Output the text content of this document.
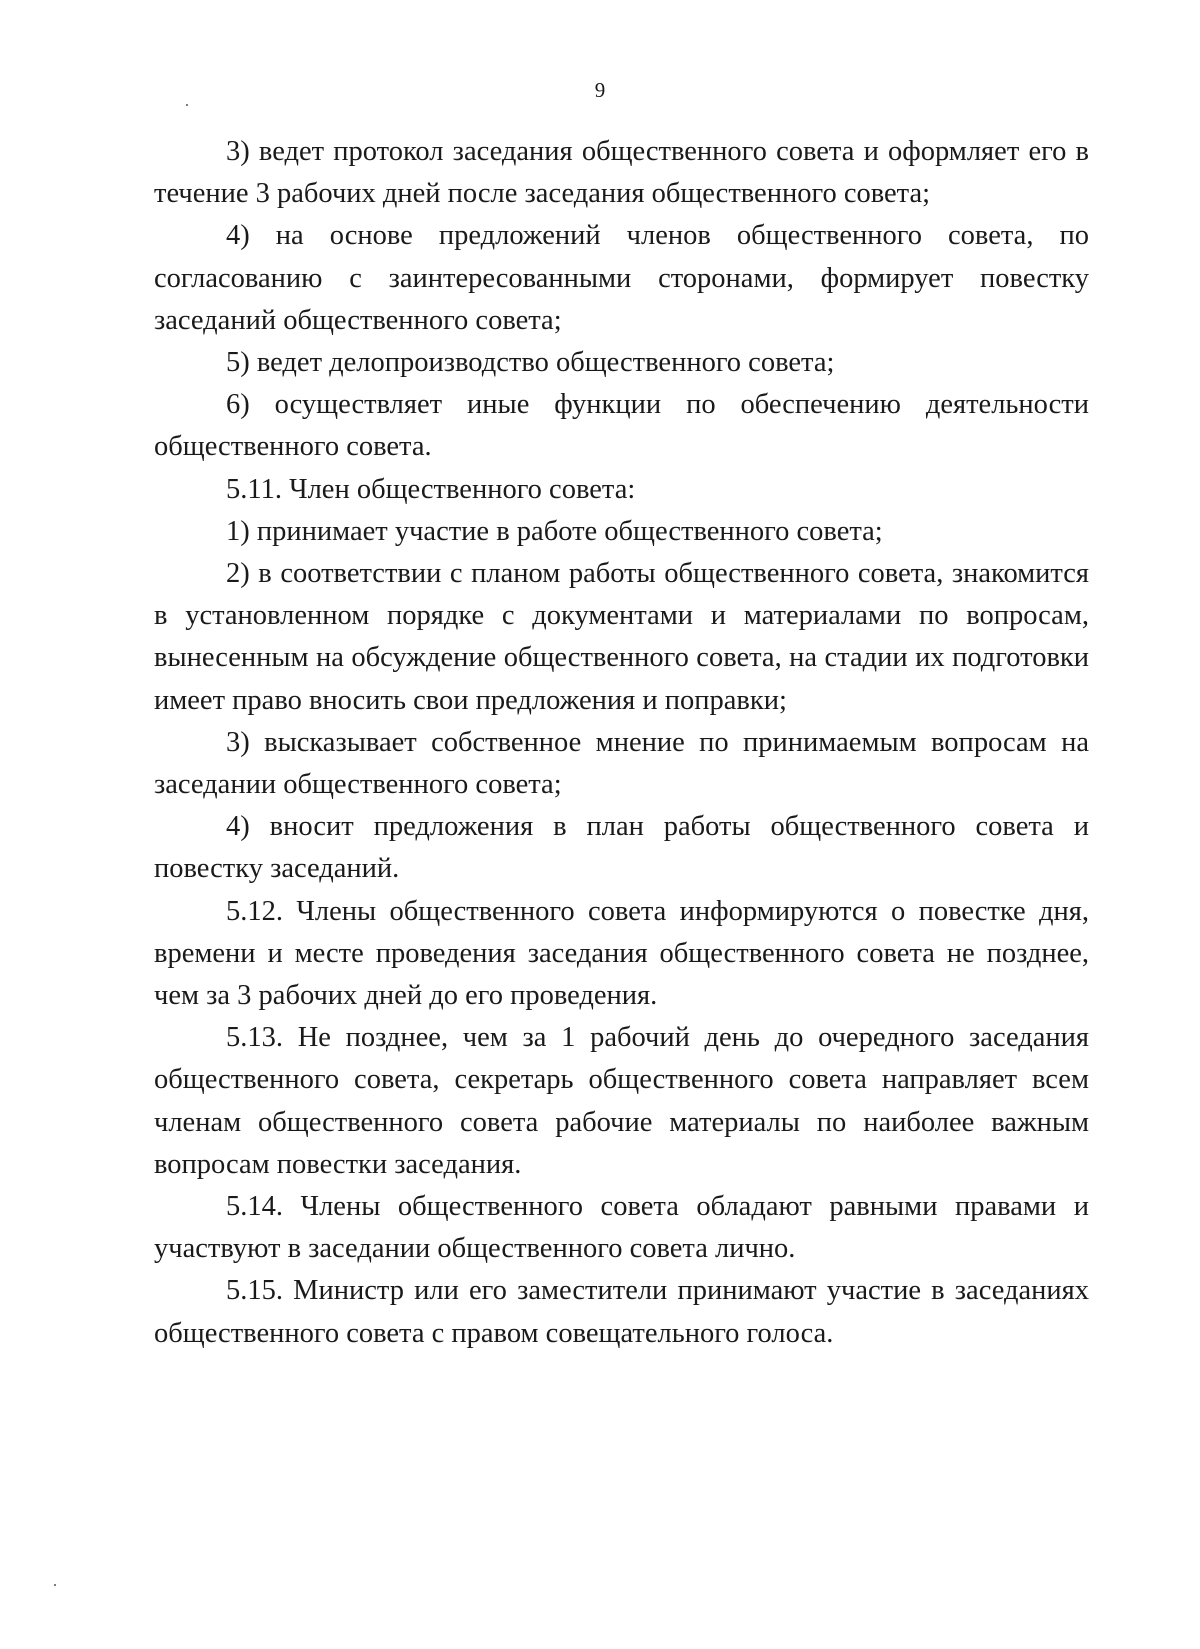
9

3) ведет протокол заседания общественного совета и оформляет его в течение 3 рабочих дней после заседания общественного совета;

4) на основе предложений членов общественного совета, по согласованию с заинтересованными сторонами, формирует повестку заседаний общественного совета;

5) ведет делопроизводство общественного совета;

6) осуществляет иные функции по обеспечению деятельности общественного совета.

5.11. Член общественного совета:

1) принимает участие в работе общественного совета;

2) в соответствии с планом работы общественного совета, знакомится в установленном порядке с документами и материалами по вопросам, вынесенным на обсуждение общественного совета, на стадии их подготовки имеет право вносить свои предложения и поправки;

3) высказывает собственное мнение по принимаемым вопросам на заседании общественного совета;

4) вносит предложения в план работы общественного совета и повестку заседаний.

5.12. Члены общественного совета информируются о повестке дня, времени и месте проведения заседания общественного совета не позднее, чем за 3 рабочих дней до его проведения.

5.13. Не позднее, чем за 1 рабочий день до очередного заседания общественного совета, секретарь общественного совета направляет всем членам общественного совета рабочие материалы по наиболее важным вопросам повестки заседания.

5.14. Члены общественного совета обладают равными правами и участвуют в заседании общественного совета лично.

5.15. Министр или его заместители принимают участие в заседаниях общественного совета с правом совещательного голоса.
